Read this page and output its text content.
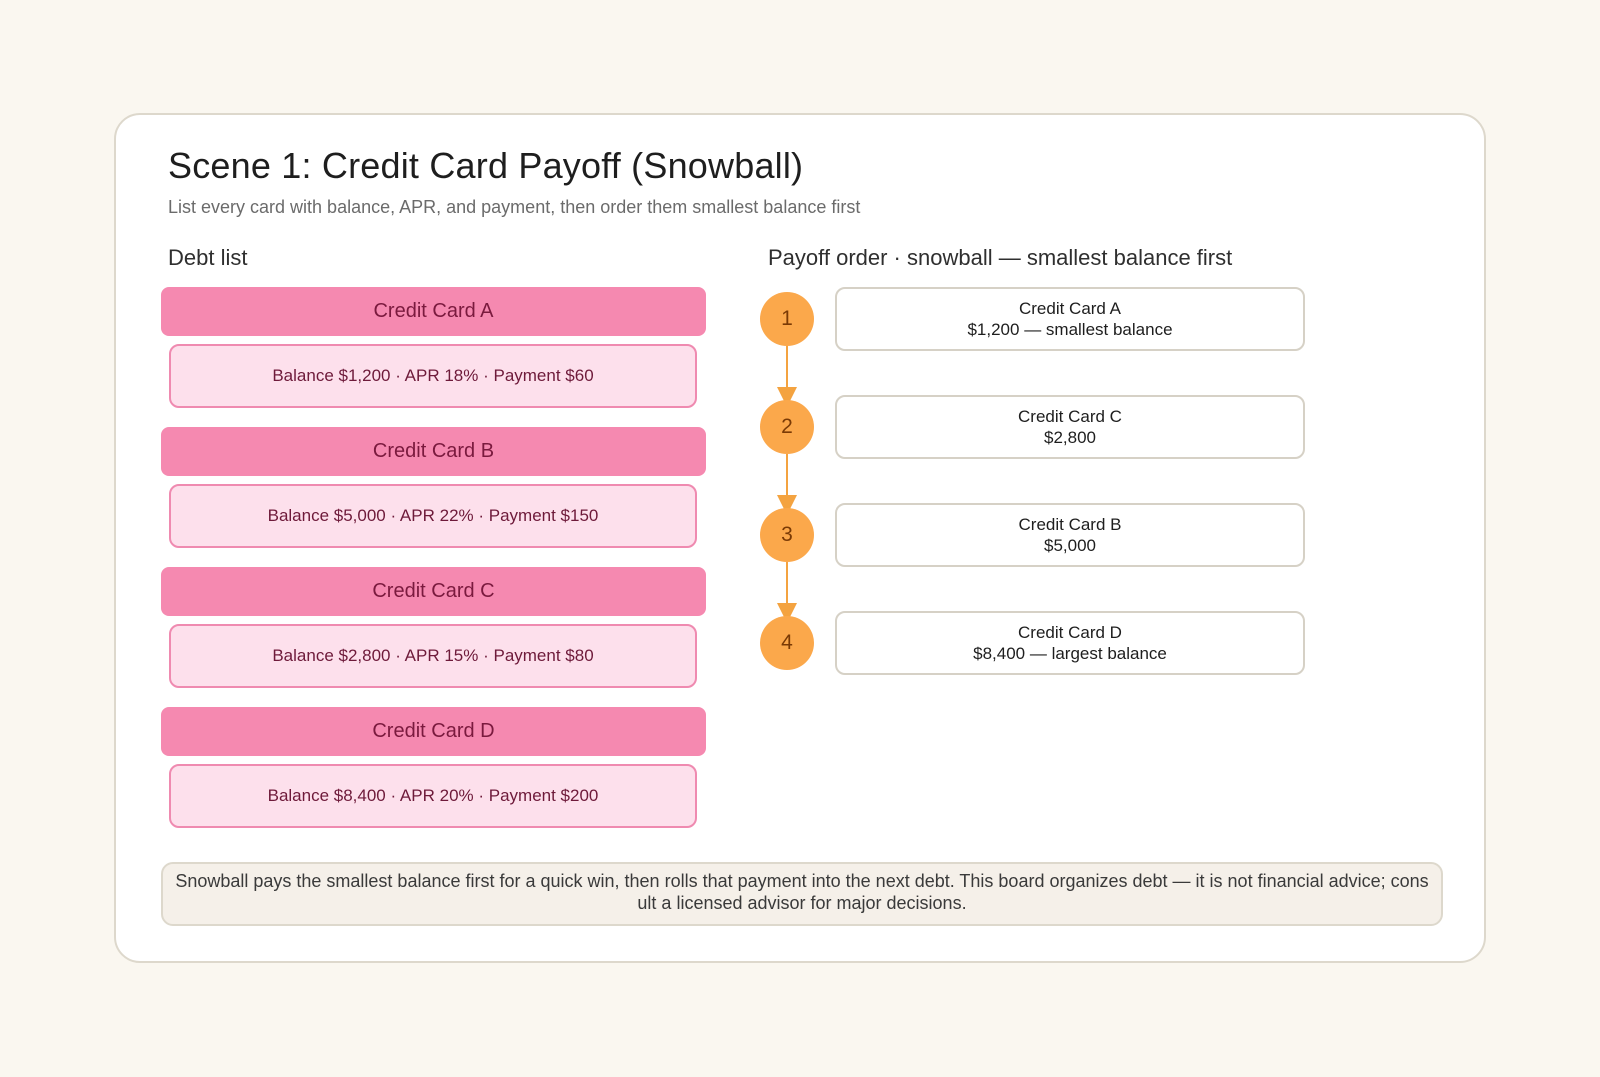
Scene 1: Credit Card Payoff (Snowball)
List every card with balance, APR, and payment, then order them smallest balance first
Debt list	Payoff order · snowball — smallest balance first
Credit Card A
Balance $1,200 · APR 18% · Payment $60
Credit Card B
Balance $5,000 · APR 22% · Payment $150
Credit Card C
Balance $2,800 · APR 15% · Payment $80
Credit Card D
Balance $8,400 · APR 20% · Payment $200
1	Credit Card A
$1,200 — smallest balance
2	Credit Card C
$2,800
3	Credit Card B
$5,000
4	Credit Card D
$8,400 — largest balance
Snowball pays the smallest balance first for a quick win, then rolls that payment into the next debt. This board organizes debt — it is not financial advice; consult a licensed advisor for major decisions.
